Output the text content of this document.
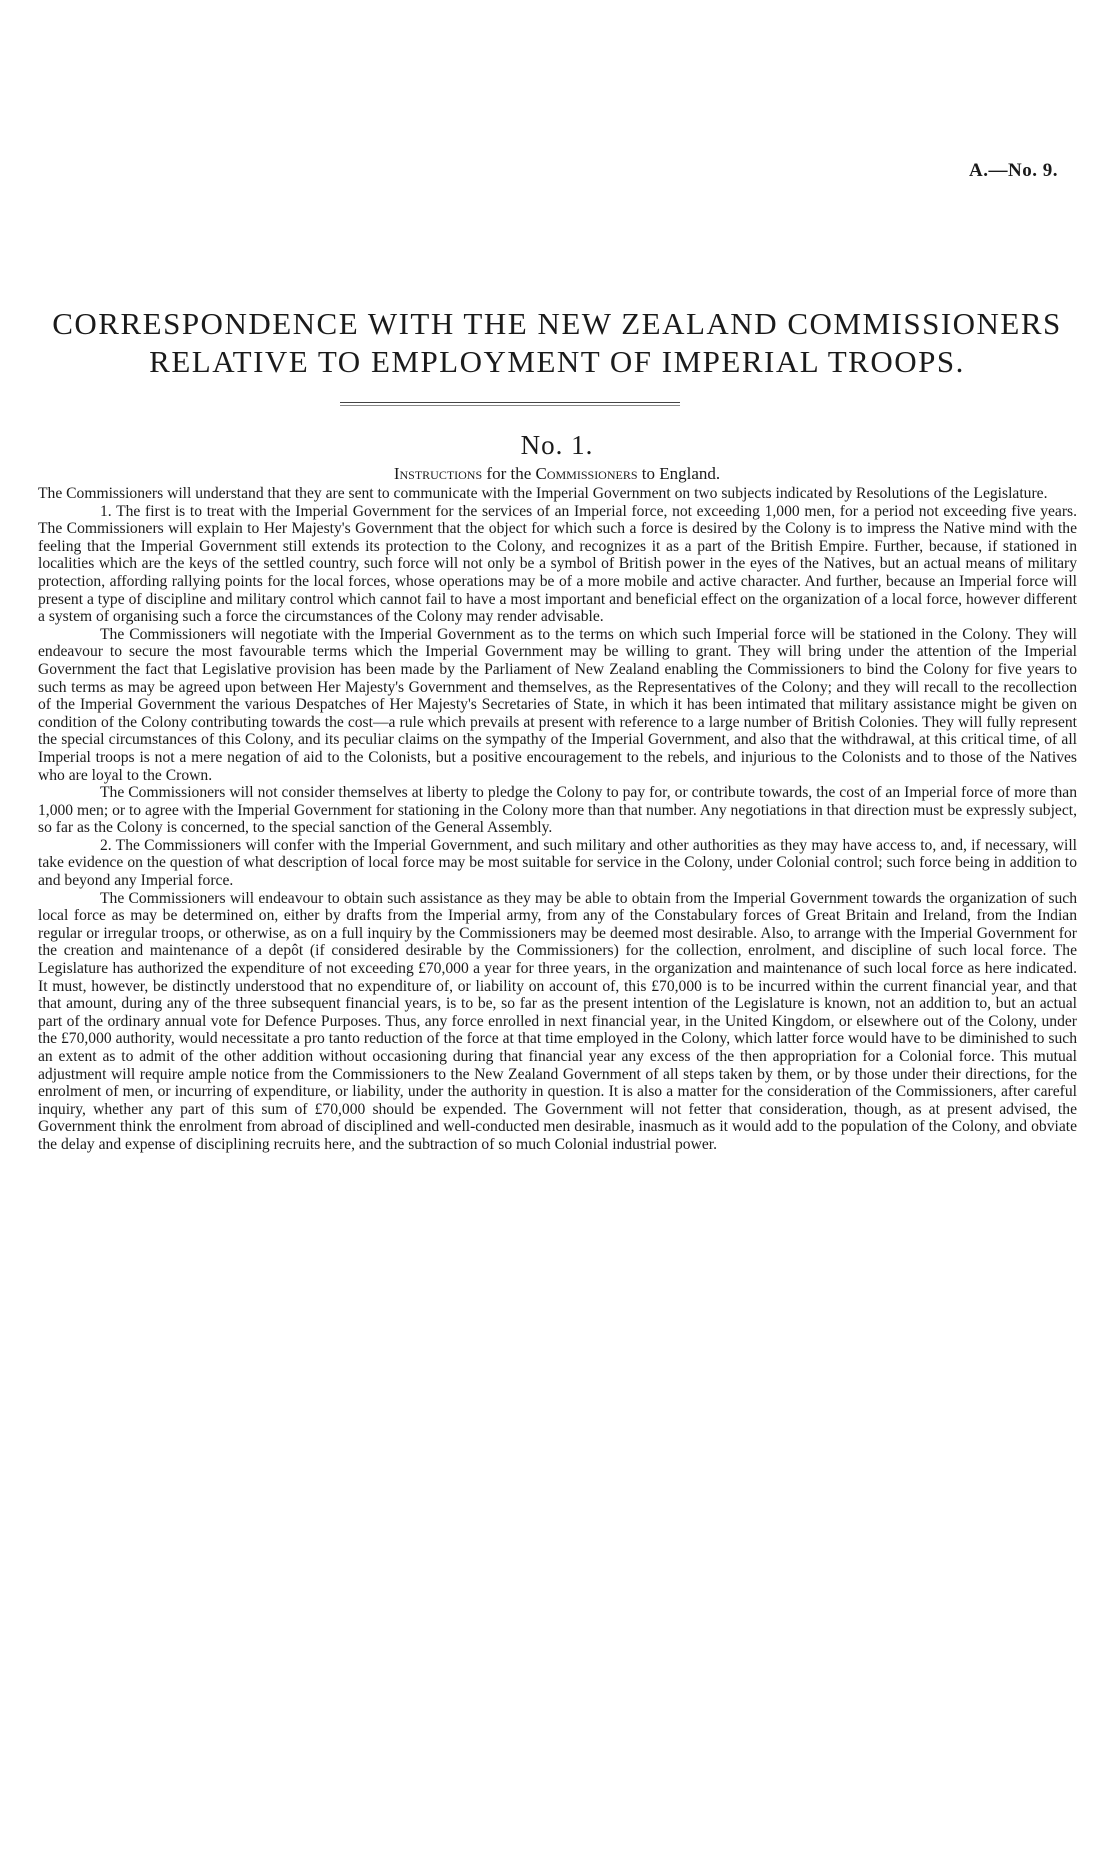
A.—No. 9.
CORRESPONDENCE WITH THE NEW ZEALAND COMMISSIONERS
RELATIVE TO EMPLOYMENT OF IMPERIAL TROOPS.
No. 1.
Instructions for the Commissioners to England.

The Commissioners will understand that they are sent to communicate with the Imperial Government on two subjects indicated by Resolutions of the Legislature.

1. The first is to treat with the Imperial Government for the services of an Imperial force, not exceeding 1,000 men, for a period not exceeding five years. The Commissioners will explain to Her Majesty's Government that the object for which such a force is desired by the Colony is to impress the Native mind with the feeling that the Imperial Government still extends its protection to the Colony, and recognizes it as a part of the British Empire. Further, because, if stationed in localities which are the keys of the settled country, such force will not only be a symbol of British power in the eyes of the Natives, but an actual means of military protection, affording rallying points for the local forces, whose operations may be of a more mobile and active character. And further, because an Imperial force will present a type of discipline and military control which cannot fail to have a most important and beneficial effect on the organization of a local force, however different a system of organising such a force the circumstances of the Colony may render advisable.

The Commissioners will negotiate with the Imperial Government as to the terms on which such Imperial force will be stationed in the Colony. They will endeavour to secure the most favourable terms which the Imperial Government may be willing to grant. They will bring under the attention of the Imperial Government the fact that Legislative provision has been made by the Parliament of New Zealand enabling the Commissioners to bind the Colony for five years to such terms as may be agreed upon between Her Majesty's Government and themselves, as the Representatives of the Colony; and they will recall to the recollection of the Imperial Government the various Despatches of Her Majesty's Secretaries of State, in which it has been intimated that military assistance might be given on condition of the Colony contributing towards the cost—a rule which prevails at present with reference to a large number of British Colonies. They will fully represent the special circumstances of this Colony, and its peculiar claims on the sympathy of the Imperial Government, and also that the withdrawal, at this critical time, of all Imperial troops is not a mere negation of aid to the Colonists, but a positive encouragement to the rebels, and injurious to the Colonists and to those of the Natives who are loyal to the Crown.

The Commissioners will not consider themselves at liberty to pledge the Colony to pay for, or contribute towards, the cost of an Imperial force of more than 1,000 men; or to agree with the Imperial Government for stationing in the Colony more than that number. Any negotiations in that direction must be expressly subject, so far as the Colony is concerned, to the special sanction of the General Assembly.

2. The Commissioners will confer with the Imperial Government, and such military and other authorities as they may have access to, and, if necessary, will take evidence on the question of what description of local force may be most suitable for service in the Colony, under Colonial control; such force being in addition to and beyond any Imperial force.

The Commissioners will endeavour to obtain such assistance as they may be able to obtain from the Imperial Government towards the organization of such local force as may be determined on, either by drafts from the Imperial army, from any of the Constabulary forces of Great Britain and Ireland, from the Indian regular or irregular troops, or otherwise, as on a full inquiry by the Commissioners may be deemed most desirable. Also, to arrange with the Imperial Government for the creation and maintenance of a depôt (if considered desirable by the Commissioners) for the collection, enrolment, and discipline of such local force. The Legislature has authorized the expenditure of not exceeding £70,000 a year for three years, in the organization and maintenance of such local force as here indicated. It must, however, be distinctly understood that no expenditure of, or liability on account of, this £70,000 is to be incurred within the current financial year, and that that amount, during any of the three subsequent financial years, is to be, so far as the present intention of the Legislature is known, not an addition to, but an actual part of the ordinary annual vote for Defence Purposes. Thus, any force enrolled in next financial year, in the United Kingdom, or elsewhere out of the Colony, under the £70,000 authority, would necessitate a pro tanto reduction of the force at that time employed in the Colony, which latter force would have to be diminished to such an extent as to admit of the other addition without occasioning during that financial year any excess of the then appropriation for a Colonial force. This mutual adjustment will require ample notice from the Commissioners to the New Zealand Government of all steps taken by them, or by those under their directions, for the enrolment of men, or incurring of expenditure, or liability, under the authority in question. It is also a matter for the consideration of the Commissioners, after careful inquiry, whether any part of this sum of £70,000 should be expended. The Government will not fetter that consideration, though, as at present advised, the Government think the enrolment from abroad of disciplined and well-conducted men desirable, inasmuch as it would add to the population of the Colony, and obviate the delay and expense of disciplining recruits here, and the subtraction of so much Colonial industrial power.
